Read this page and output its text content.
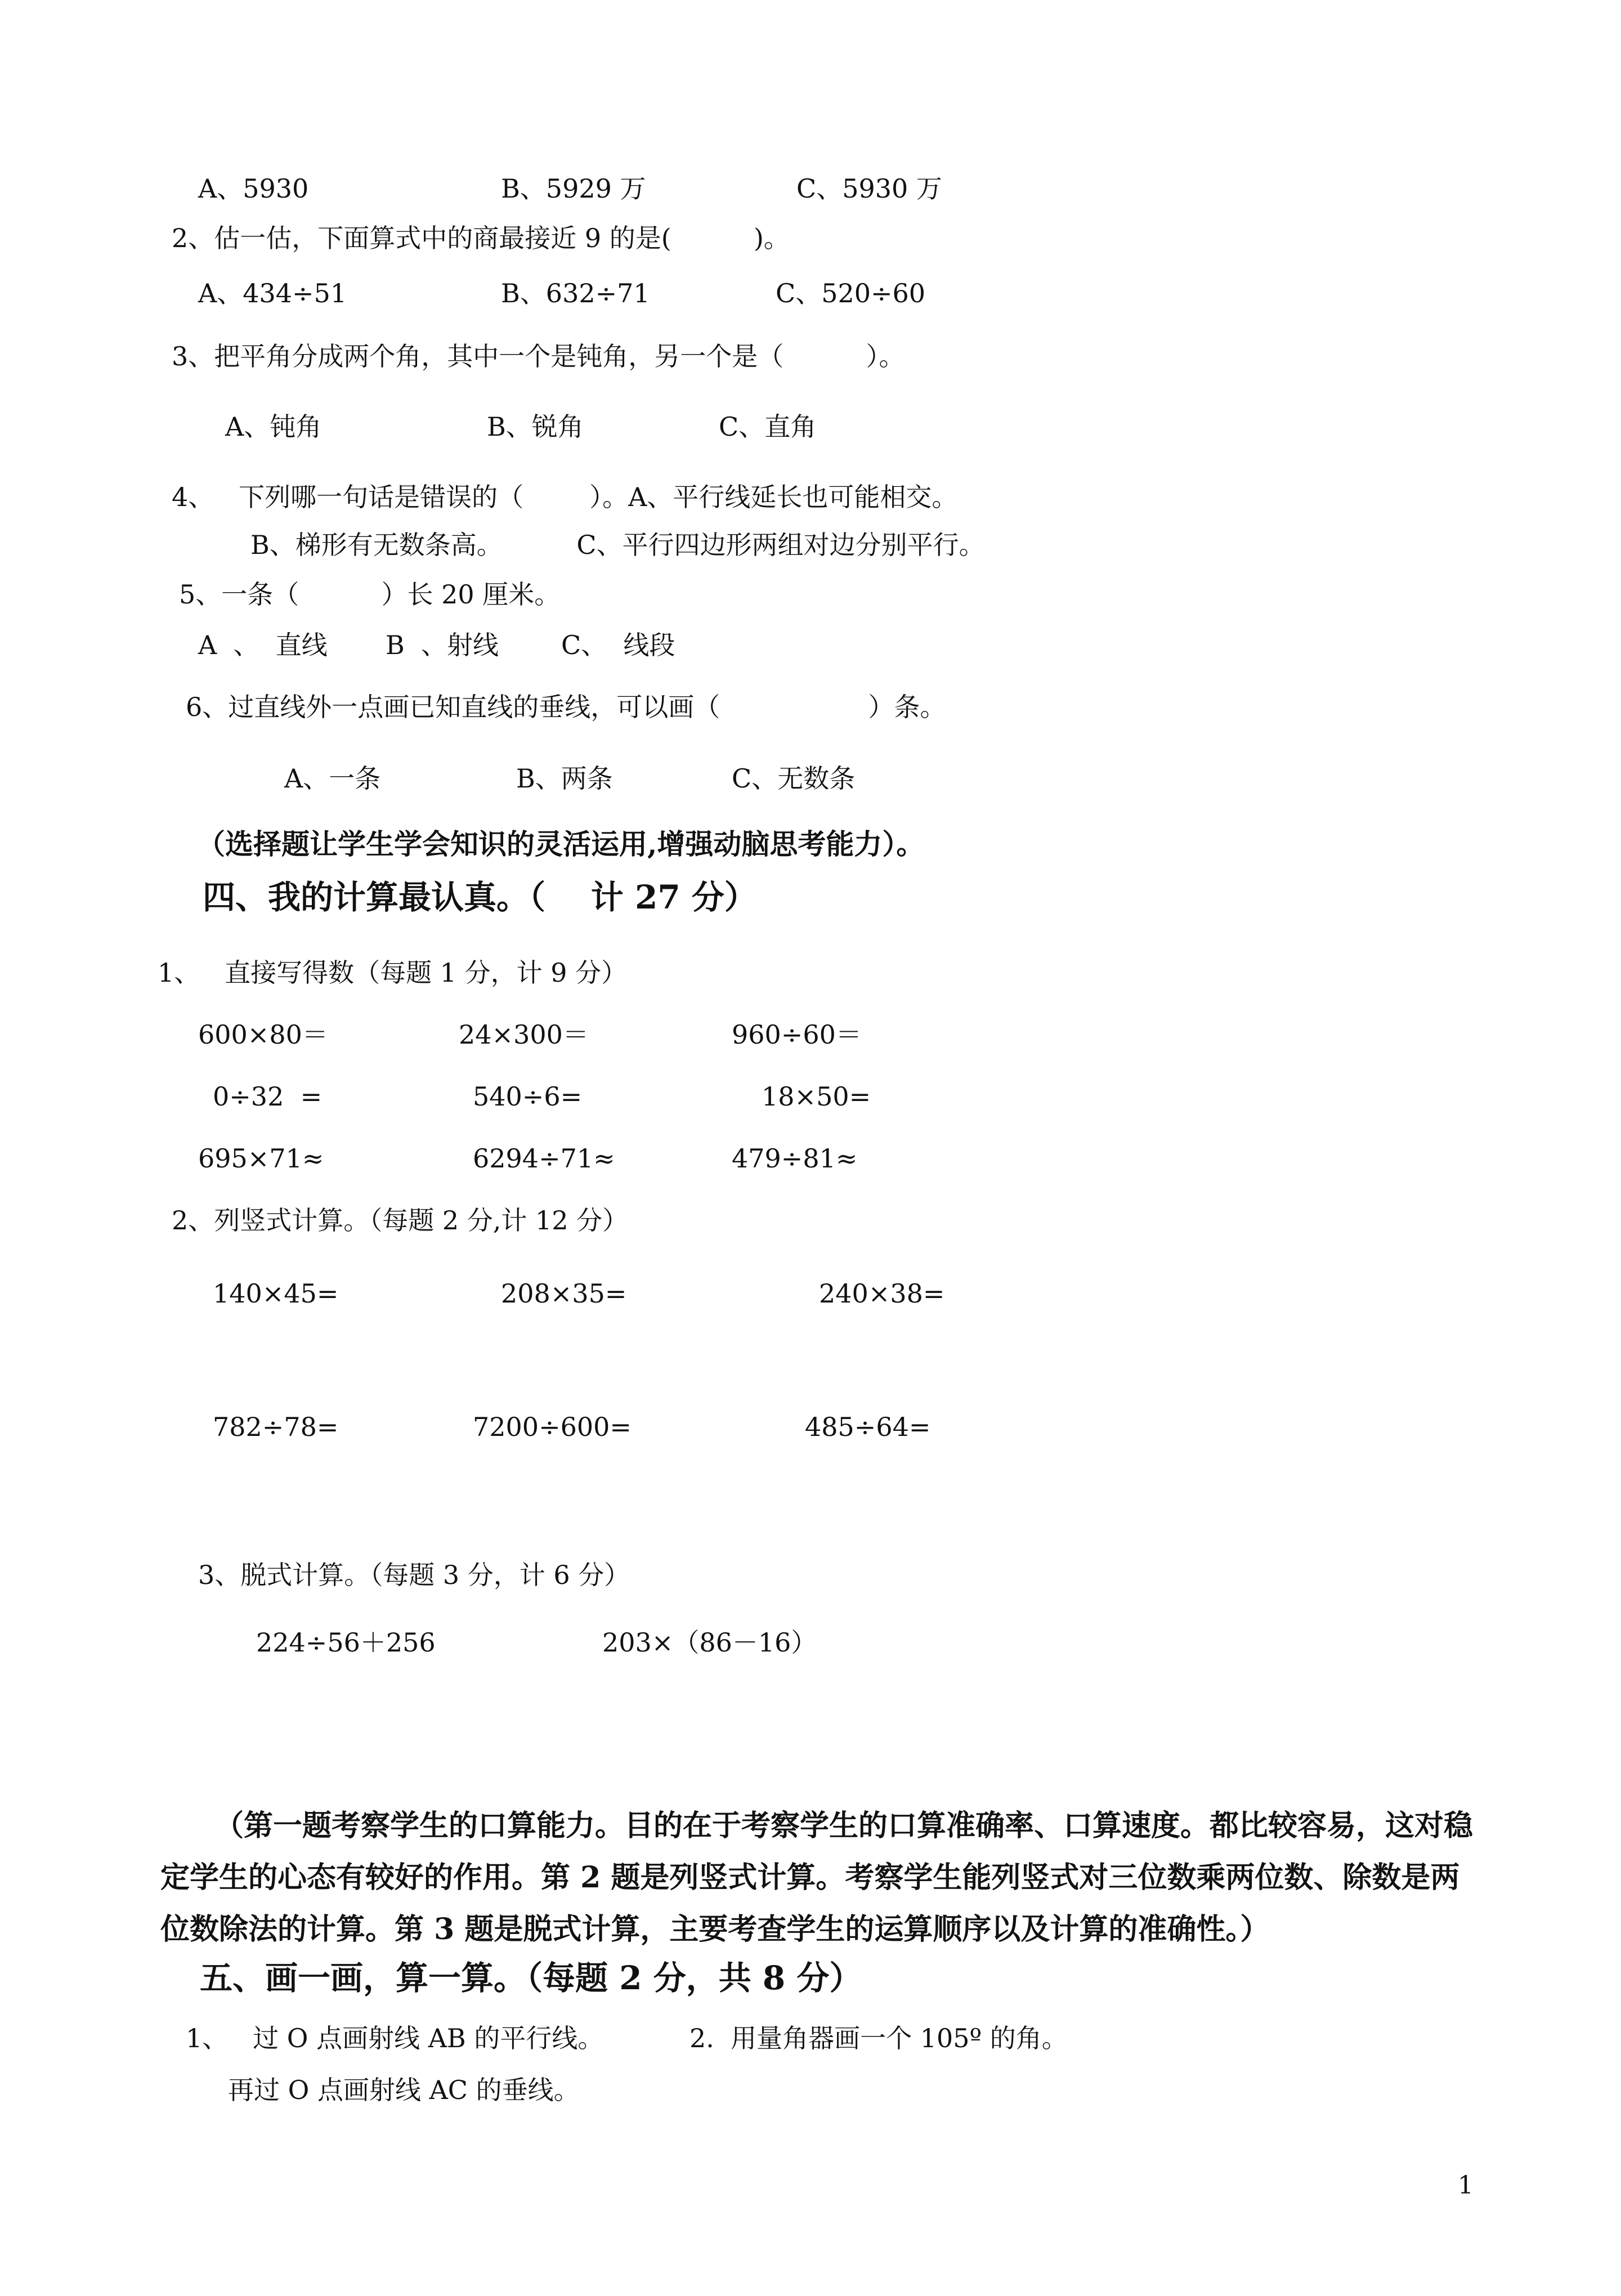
A、5930	B、5929 万	C、5930 万
2、估一估，下面算式中的商最接近 9 的是(          )。
A、434÷51	B、632÷71	C、520÷60
3、把平角分成两个角，其中一个是钝角，另一个是（          ）。
A、钝角	B、锐角	C、直角
4、   下列哪一句话是错误的（        ）。A、平行线延长也可能相交。
B、梯形有无数条高。         C、平行四边形两组对边分别平行。
5、一条（          ）长 20 厘米。
A  、  直线 B  、射线 C、  线段
6、过直线外一点画已知直线的垂线，可以画（                  ）条。
A、一条	B、两条	C、无数条
（选择题让学生学会知识的灵活运用,增强动脑思考能力）。
四、我的计算最认真。（    计 27 分）
1、   直接写得数（每题 1 分，计 9 分）
600×80＝	24×300＝	960÷60＝
0÷32  =	540÷6=	18×50=
695×71≈	6294÷71≈	479÷81≈
2、列竖式计算。（每题 2 分,计 12 分）
140×45=	208×35=	240×38=
782÷78=	7200÷600=	485÷64=
3、脱式计算。（每题 3 分，计 6 分）
224÷56＋256	203×（86－16）
（第一题考察学生的口算能力。目的在于考察学生的口算准确率、口算速度。都比较容易，这对稳定学生的心态有较好的作用。第 2 题是列竖式计算。考察学生能列竖式对三位数乘两位数、除数是两位数除法的计算。第 3 题是脱式计算，主要考查学生的运算顺序以及计算的准确性。）
五、画一画，算一算。（每题 2 分，共 8 分）
1、   过 O 点画射线 AB 的平行线。	2.  用量角器画一个 105º 的角。
再过 O 点画射线 AC 的垂线。
1
